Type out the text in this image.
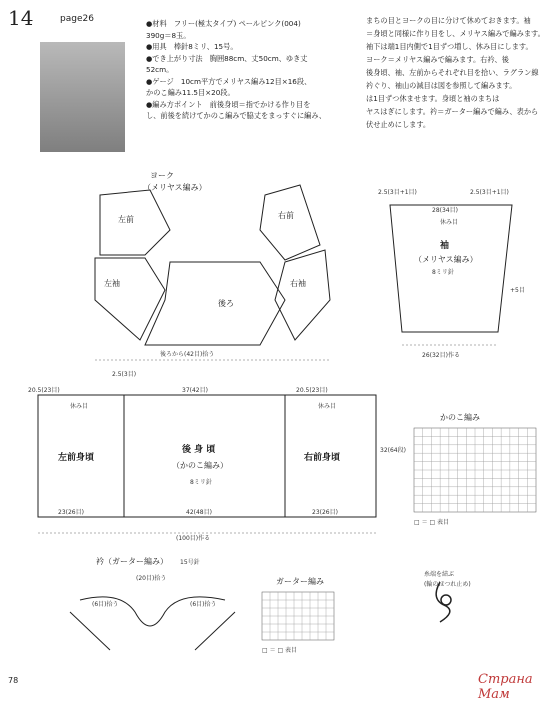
14	page26	●材料　フリー(極太タイプ) ペールピンク(004)
390g＝8玉。
●用具　棒針8ミリ、15号。
●でき上がり寸法　胸囲88cm、丈50cm、ゆき丈
52cm。
●ゲージ　10cm平方でメリヤス編み12目×16段、
かのこ編み11.5目×20段。
●編み方ポイント　前後身頃＝指でかける作り目を
し、前後を続けてかのこ編みで脇丈をまっすぐに編み、
まちの目とヨークの目に分けて休めておきます。袖
＝身頃と同様に作り目をし、メリヤス編みで編みます。
袖下は端1目内側で1目ずつ増し、休み目にします。
ヨーク＝メリヤス編みで編みます。右衿、後
後身頃、袖、左前からそれぞれ目を拾い、ラグラン線
衿ぐり、袖山の減目は図を参照して編みます。
は1目ずつ休ませます。身頃と袖のまちは
ヤスはぎにします。衿＝ガーター編みで編み、表から
伏せ止めにします。
ヨーク
（メリヤス編み）
左前	右前
左袖	右袖
後ろ
後ろから(42目)拾う
2.5(3目+1目)	2.5(3目+1目)
28(34目)
休み目
袖
（メリヤス編み）
8ミリ針
+5目
26(32目)作る
20.5(23目)	37(42目)	20.5(23目)
2.5(3目)
休み目	休み目
左前身頃
後 身 頃
（かのこ編み）
8ミリ針
右前身頃
23(26目)	42(48目)	23(26目)
(100目)作る
32(64段)
かのこ編み
□ ＝ □ 表目
衿（ガーター編み） 15号針
(20目)拾う
(6目)拾う	(6目)拾う
ガーター編み
□ ＝ □ 表目
糸端を結ぶ
(輪のほつれ止め)
78	Страна Мам
